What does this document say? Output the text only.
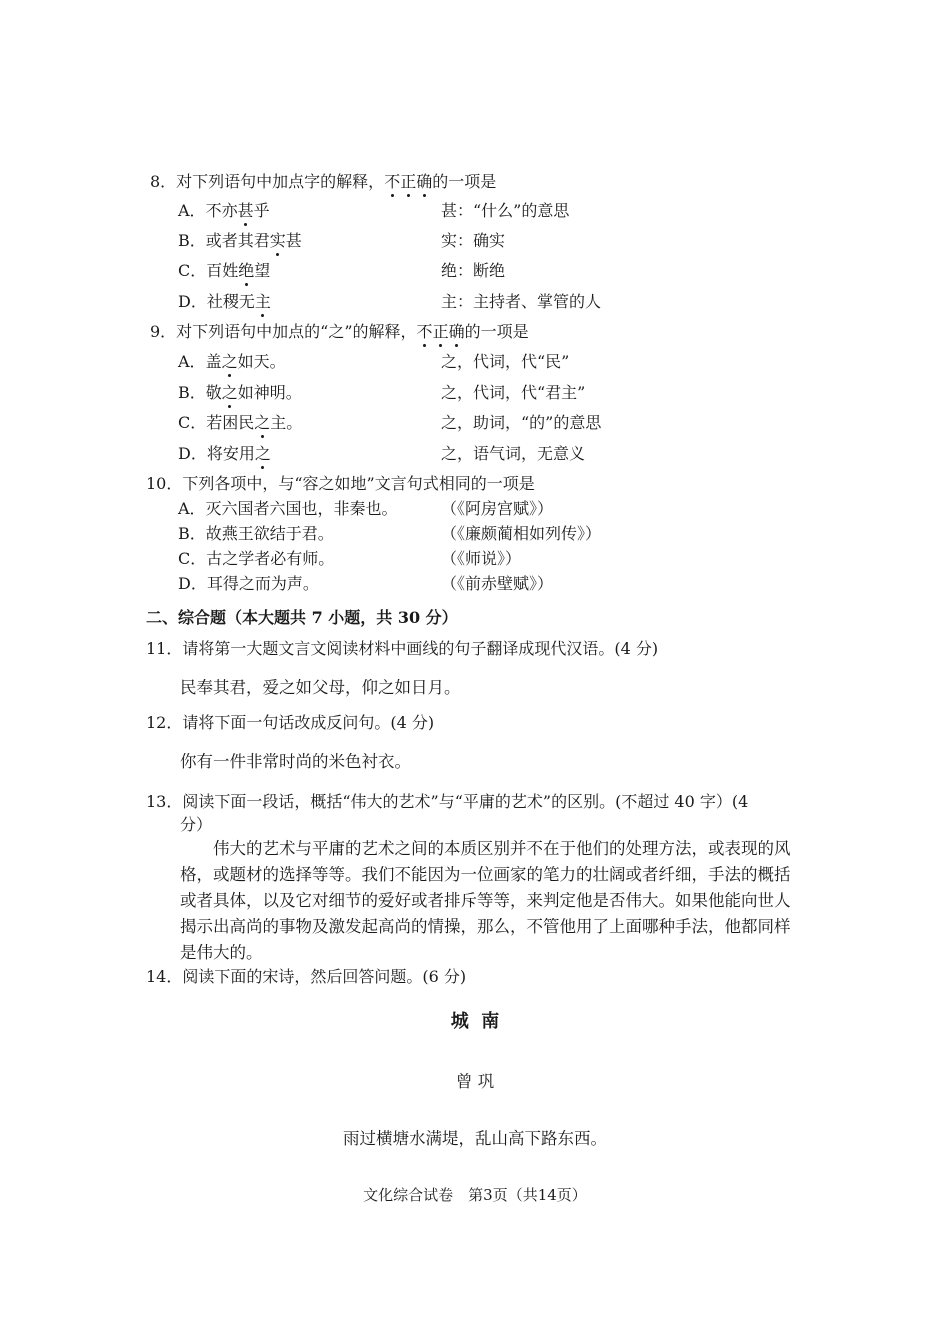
8．对下列语句中加点字的解释，不正确的一项是
A．不亦甚乎	甚：“什么”的意思
B．或者其君实甚	实：确实
C．百姓绝望	绝：断绝
D．社稷无主	主：主持者、掌管的人
9．对下列语句中加点的“之”的解释，不正确的一项是
A．盖之如天。	之，代词，代“民”
B．敬之如神明。	之，代词，代“君主”
C．若困民之主。	之，助词，“的”的意思
D．将安用之	之，语气词，无意义
10．下列各项中，与“容之如地”文言句式相同的一项是
A．灭六国者六国也，非秦也。	（《阿房宫赋》）
B．故燕王欲结于君。	（《廉颇蔺相如列传》）
C．古之学者必有师。	（《师说》）
D．耳得之而为声。	（《前赤壁赋》）
二、综合题（本大题共 7 小题，共 30 分）
11．请将第一大题文言文阅读材料中画线的句子翻译成现代汉语。(4 分)
民奉其君，爱之如父母，仰之如日月。
12．请将下面一句话改成反问句。(4 分)
你有一件非常时尚的米色衬衣。
13．阅读下面一段话，概括“伟大的艺术”与“平庸的艺术”的区别。(不超过 40 字）(4
分）
伟大的艺术与平庸的艺术之间的本质区别并不在于他们的处理方法，或表现的风
格，或题材的选择等等。我们不能因为一位画家的笔力的壮阔或者纤细，手法的概括
或者具体，以及它对细节的爱好或者排斥等等，来判定他是否伟大。如果他能向世人
揭示出高尚的事物及激发起高尚的情操，那么，不管他用了上面哪种手法，他都同样
是伟大的。
14．阅读下面的宋诗，然后回答问题。(6 分)
城  南
曾 巩
雨过横塘水满堤，乱山高下路东西。
文化综合试卷　第3页（共14页）
